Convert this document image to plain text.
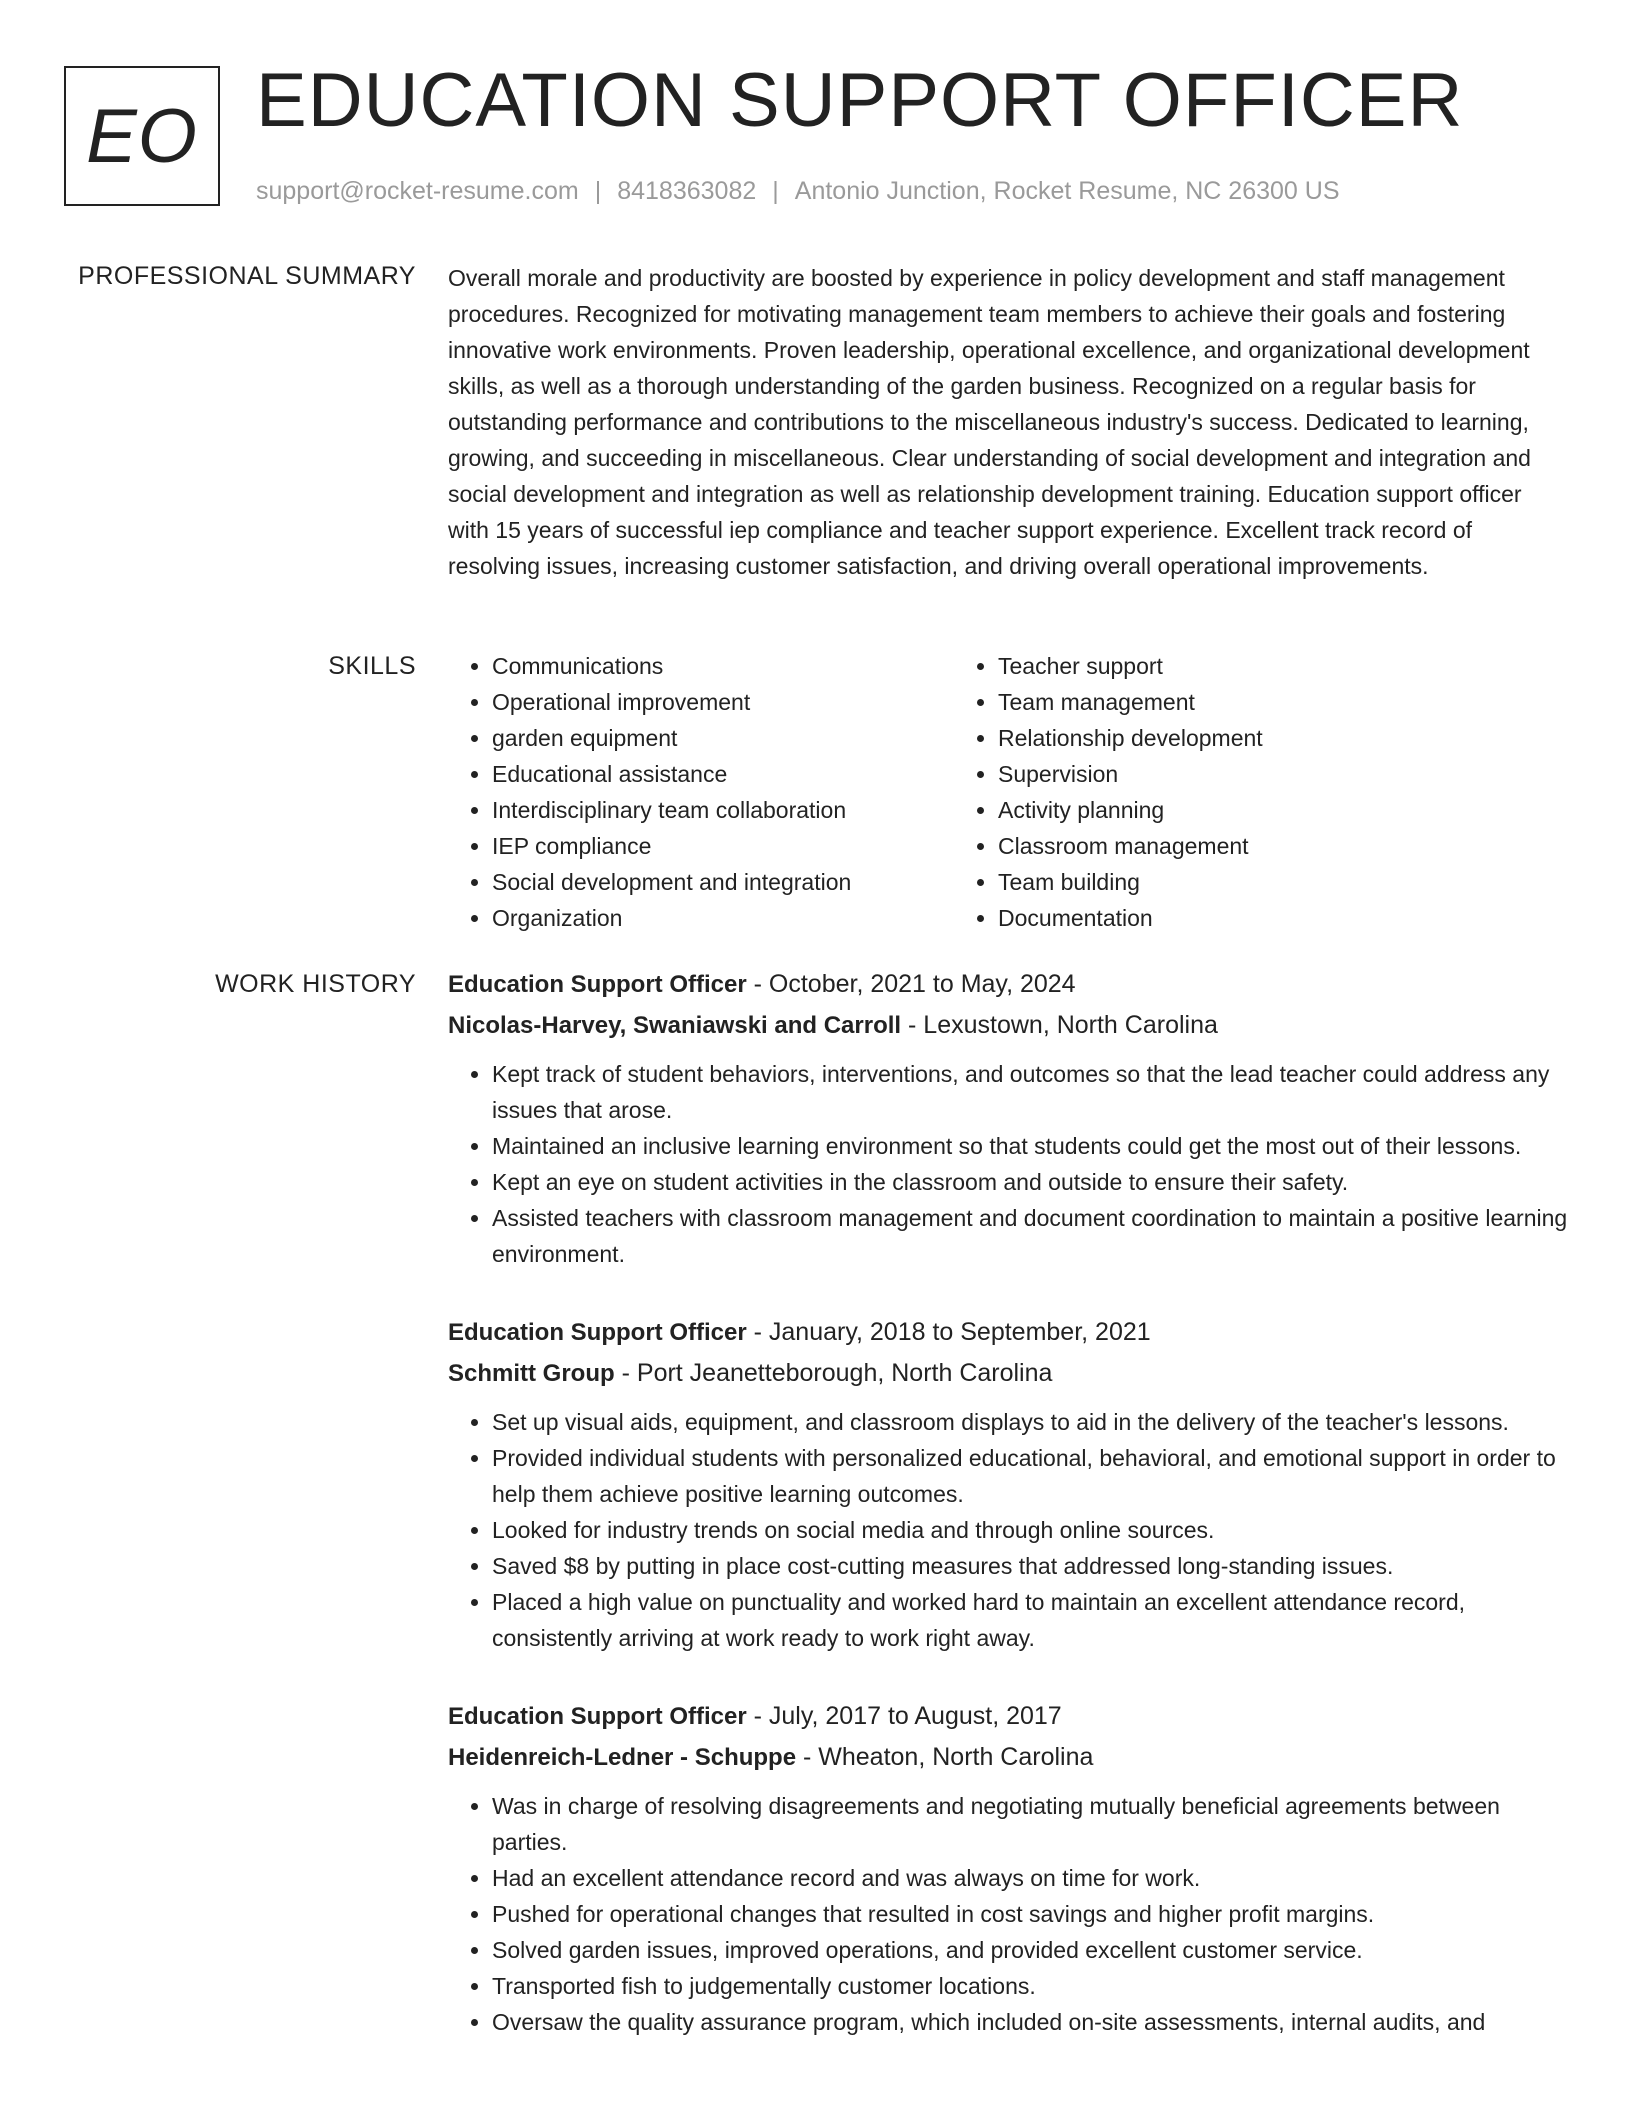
EO EDUCATION SUPPORT OFFICER
support@rocket-resume.com | 8418363082 | Antonio Junction, Rocket Resume, NC 26300 US
PROFESSIONAL SUMMARY Overall morale and productivity are boosted by experience in policy development and staff management procedures. Recognized for motivating management team members to achieve their goals and fostering innovative work environments. Proven leadership, operational excellence, and organizational development skills, as well as a thorough understanding of the garden business. Recognized on a regular basis for outstanding performance and contributions to the miscellaneous industry's success. Dedicated to learning, growing, and succeeding in miscellaneous. Clear understanding of social development and integration and social development and integration as well as relationship development training. Education support officer with 15 years of successful iep compliance and teacher support experience. Excellent track record of resolving issues, increasing customer satisfaction, and driving overall operational improvements.

SKILLS
•	Communications
• Operational improvement
• garden equipment
• Educational assistance
• Interdisciplinary team collaboration
• IEP compliance
• Social development and integration
• Organization
• Teacher support
• Team management
• Relationship development
• Supervision
• Activity planning
• Classroom management
• Team building
• Documentation
WORK HISTORY Education Support Officer - October, 2021 to May, 2024
Nicolas-Harvey, Swaniawski and Carroll - Lexustown, North Carolina
• Kept track of student behaviors, interventions, and outcomes so that the lead teacher could address any issues that arose.
• Maintained an inclusive learning environment so that students could get the most out of their lessons.
• Kept an eye on student activities in the classroom and outside to ensure their safety.
• Assisted teachers with classroom management and document coordination to maintain a positive learning environment.
Education Support Officer - January, 2018 to September, 2021
Schmitt Group - Port Jeanetteborough, North Carolina
• Set up visual aids, equipment, and classroom displays to aid in the delivery of the teacher's lessons.
• Provided individual students with personalized educational, behavioral, and emotional support in order to help them achieve positive learning outcomes.
• Looked for industry trends on social media and through online sources.
• Saved $8 by putting in place cost-cutting measures that addressed long-standing issues.
• Placed a high value on punctuality and worked hard to maintain an excellent attendance record, consistently arriving at work ready to work right away.
Education Support Officer - July, 2017 to August, 2017
Heidenreich-Ledner - Schuppe - Wheaton, North Carolina
• Was in charge of resolving disagreements and negotiating mutually beneficial agreements between parties.
• Had an excellent attendance record and was always on time for work.
• Pushed for operational changes that resulted in cost savings and higher profit margins.
• Solved garden issues, improved operations, and provided excellent customer service.
• Transported fish to judgementally customer locations.
• Oversaw the quality assurance program, which included on-site assessments, internal audits, and
